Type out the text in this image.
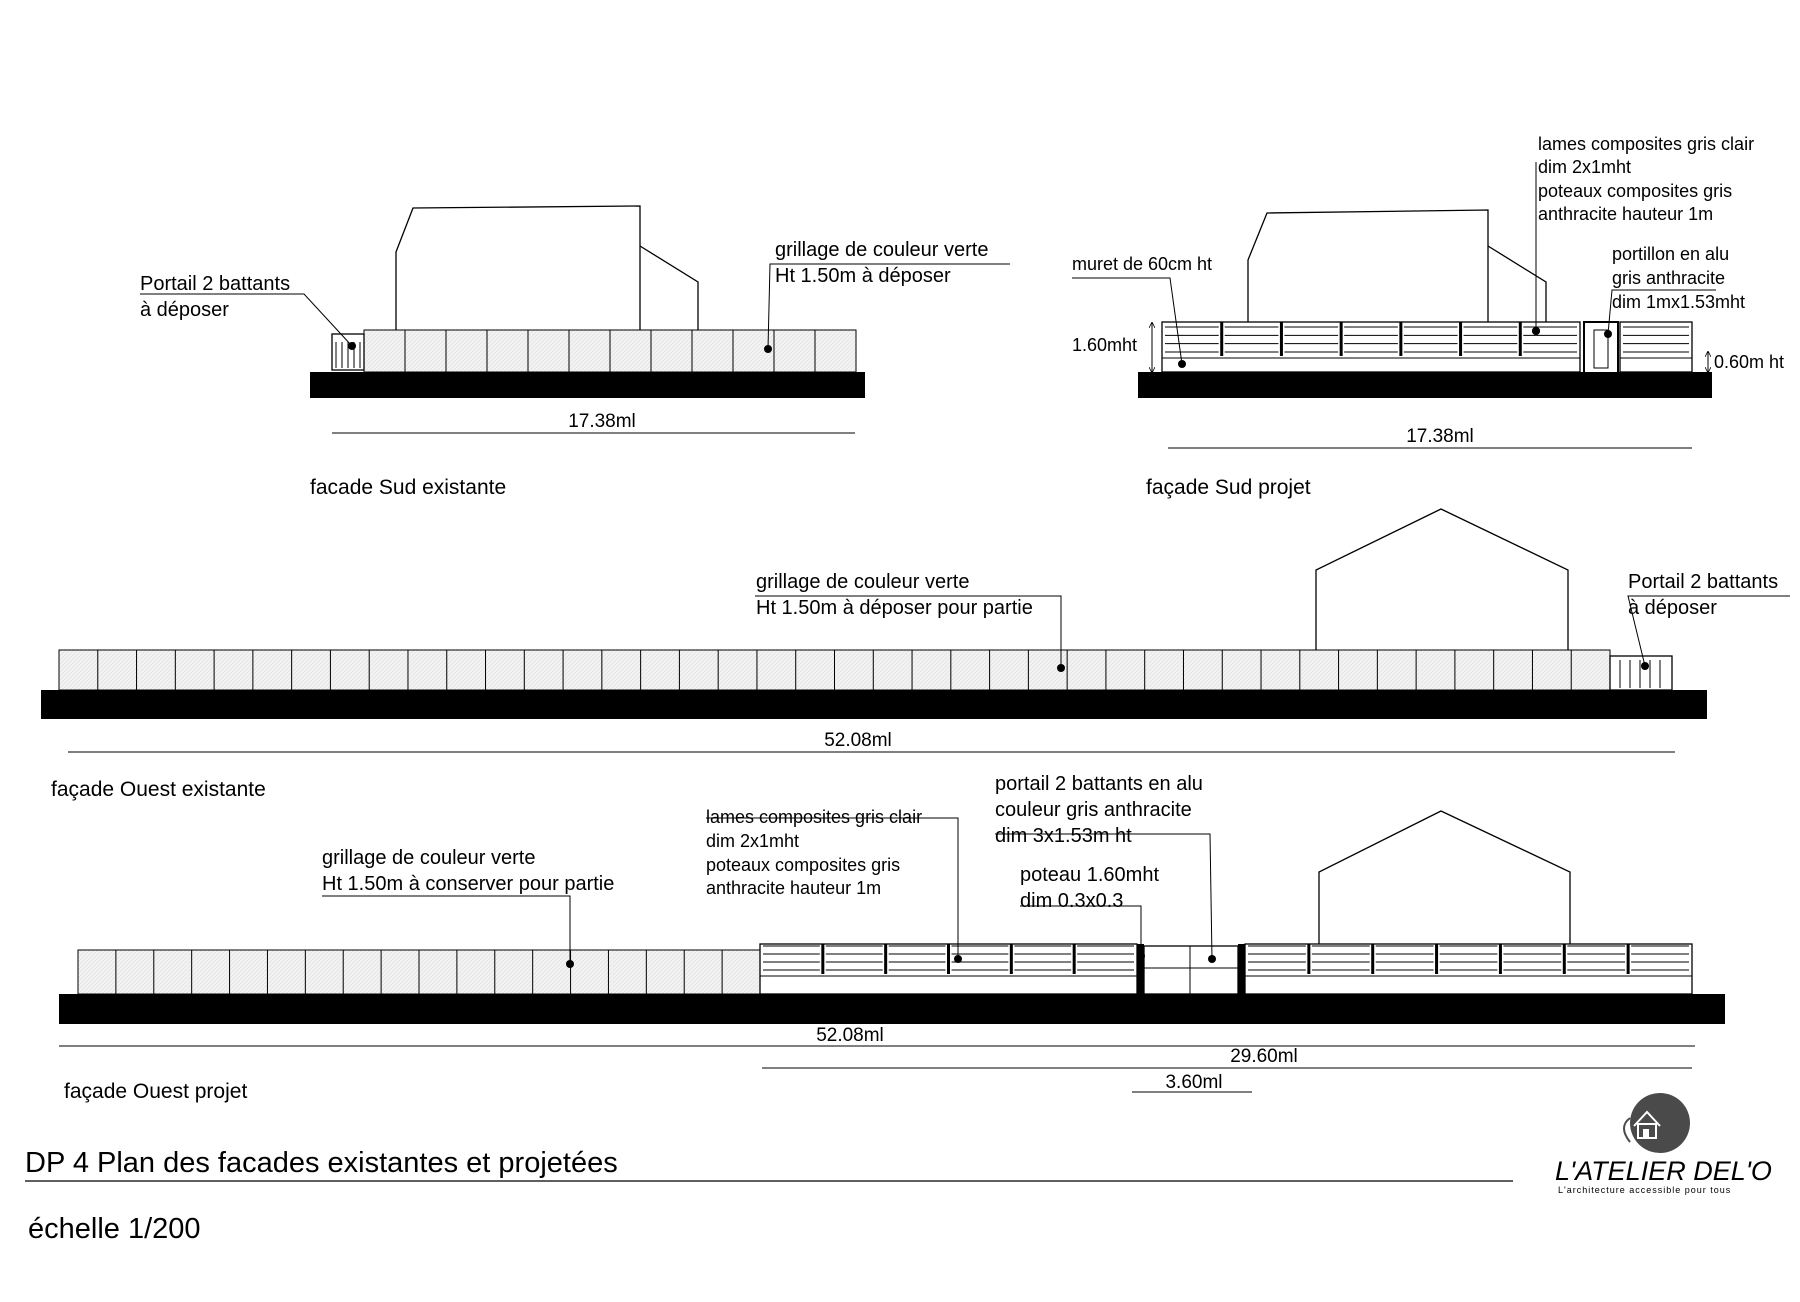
Portail 2 battants
à déposer
grillage de couleur verte
Ht 1.50m à déposer
17.38ml
facade Sud existante
lames composites gris clair
dim 2x1mht
poteaux composites gris
anthracite hauteur 1m
muret de 60cm ht
1.60mht
portillon en alu
gris anthracite
dim 1mx1.53mht
0.60m ht
17.38ml
façade Sud projet
grillage de couleur verte
Ht 1.50m à déposer pour partie
Portail 2 battants
à déposer
52.08ml
façade Ouest existante
grillage de couleur verte
Ht 1.50m à conserver pour partie
lames composites gris clair
dim 2x1mht
poteaux composites gris
anthracite hauteur 1m
portail 2 battants en alu
couleur gris anthracite
dim 3x1.53m ht
poteau 1.60mht
dim 0.3x0.3
52.08ml
29.60ml
3.60ml
façade Ouest projet
DP 4 Plan des facades existantes et projetées
échelle 1/200
L'ATELIER DEL'O
L'architecture accessible pour tous
